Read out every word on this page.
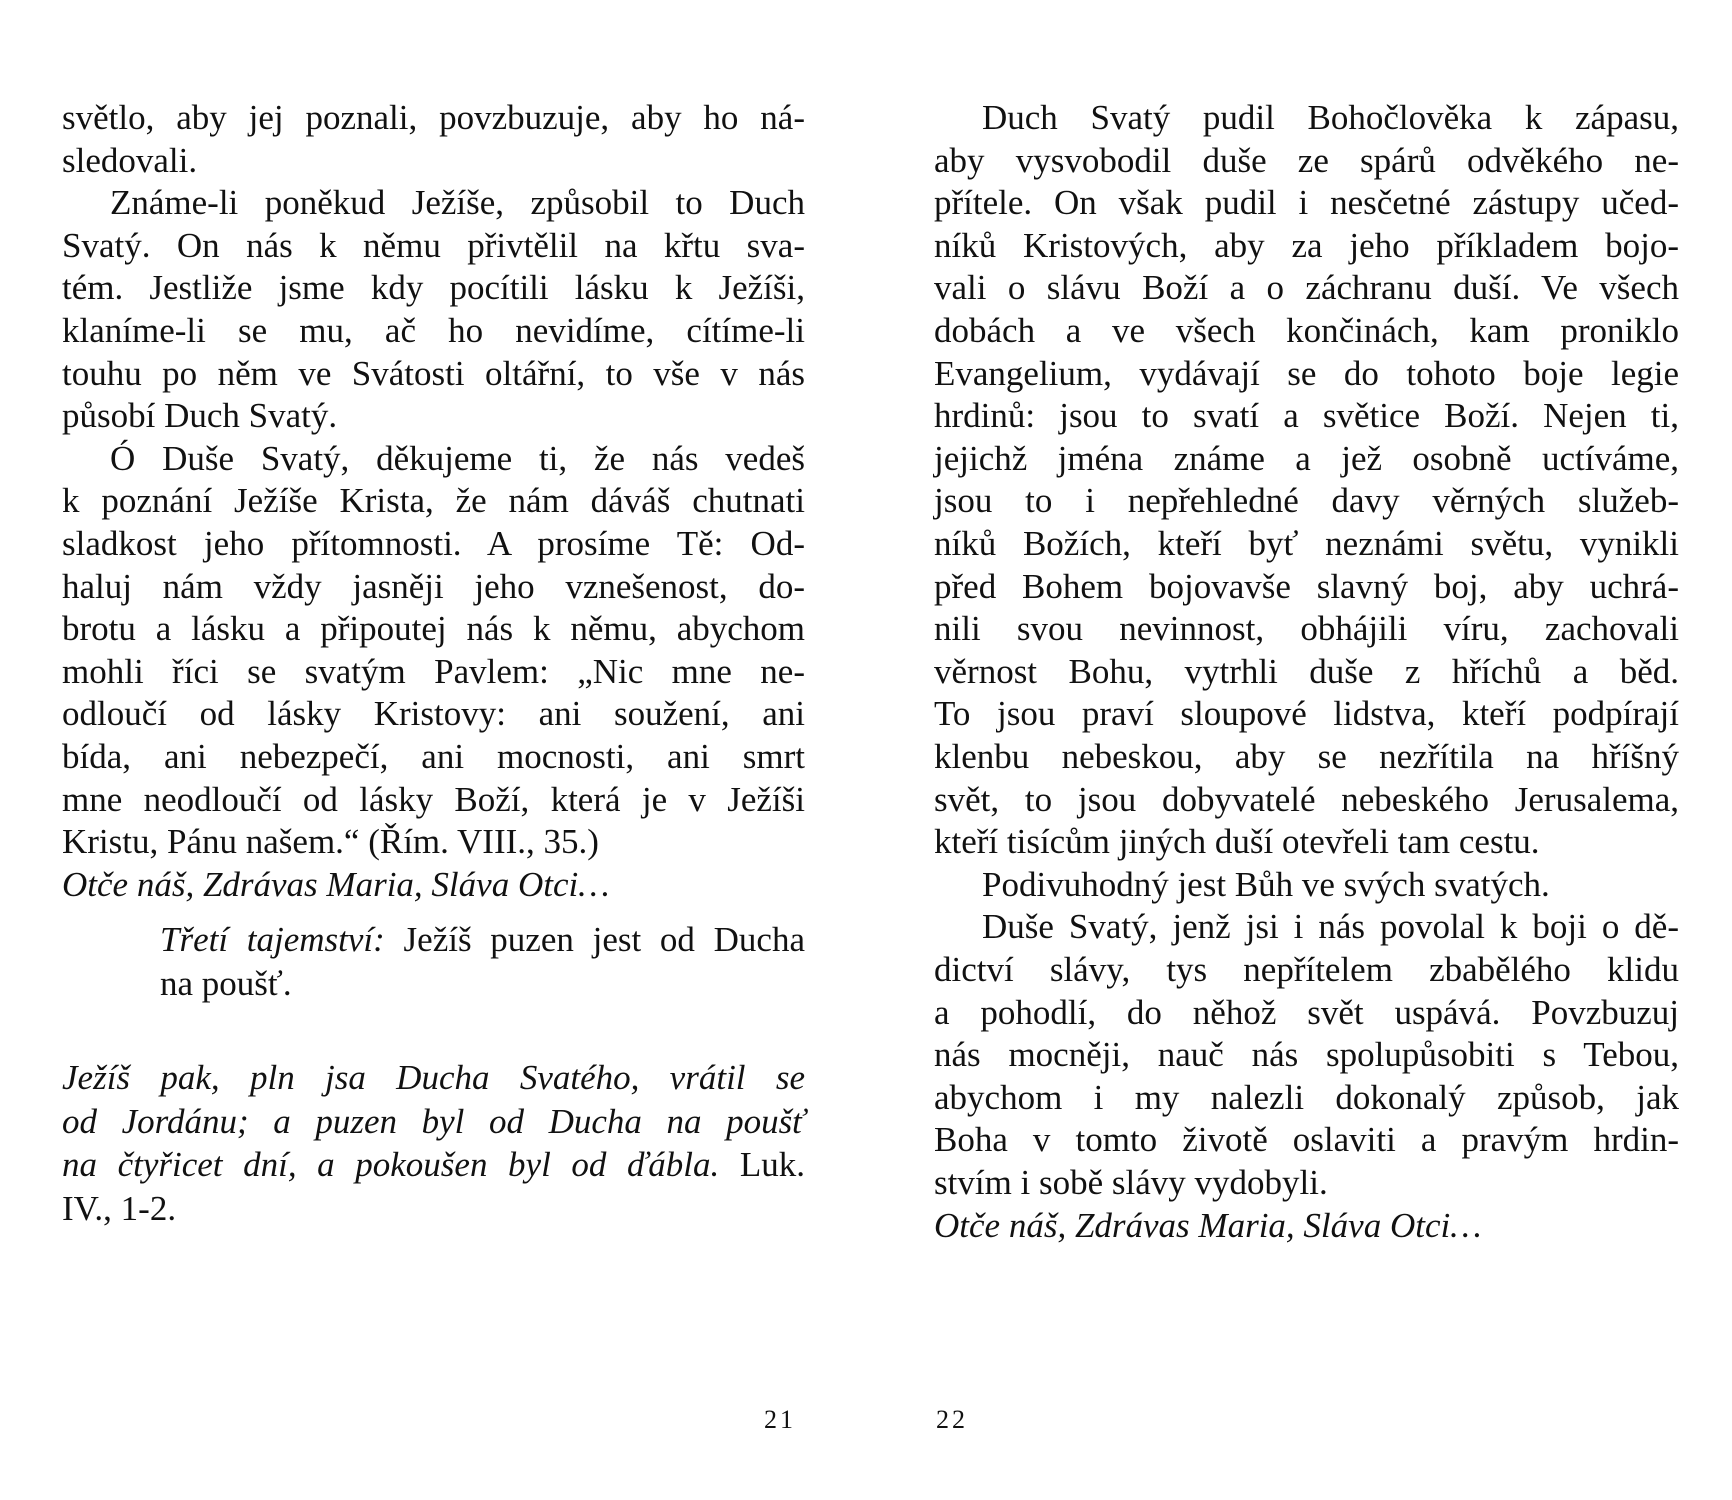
světlo, aby jej poznali, povzbuzuje, aby ho ná-
sledovali.
Známe-li poněkud Ježíše, způsobil to Duch
Svatý. On nás k němu přivtělil na křtu sva-
tém. Jestliže jsme kdy pocítili lásku k Ježíši,
klaníme-li se mu, ač ho nevidíme, cítíme-li
touhu po něm ve Svátosti oltářní, to vše v nás
působí Duch Svatý.
Ó Duše Svatý, děkujeme ti, že nás vedeš
k poznání Ježíše Krista, že nám dáváš chutnati
sladkost jeho přítomnosti. A prosíme Tě: Od-
haluj nám vždy jasněji jeho vznešenost, do-
brotu a lásku a připoutej nás k němu, abychom
mohli říci se svatým Pavlem: „Nic mne ne-
odloučí od lásky Kristovy: ani soužení, ani
bída, ani nebezpečí, ani mocnosti, ani smrt
mne neodloučí od lásky Boží, která je v Ježíši
Kristu, Pánu našem.“ (Řím. VIII., 35.)
Otče náš, Zdrávas Maria, Sláva Otci…
Třetí tajemství: Ježíš puzen jest od Ducha
na poušť.
Ježíš pak, pln jsa Ducha Svatého, vrátil se
od Jordánu; a puzen byl od Ducha na poušť
na čtyřicet dní, a pokoušen byl od ďábla. Luk.
IV., 1-2.
21
Duch Svatý pudil Bohočlověka k zápasu,
aby vysvobodil duše ze spárů odvěkého ne-
přítele. On však pudil i nesčetné zástupy učed-
níků Kristových, aby za jeho příkladem bojo-
vali o slávu Boží a o záchranu duší. Ve všech
dobách a ve všech končinách, kam proniklo
Evangelium, vydávají se do tohoto boje legie
hrdinů: jsou to svatí a světice Boží. Nejen ti,
jejichž jména známe a jež osobně uctíváme,
jsou to i nepřehledné davy věrných služeb-
níků Božích, kteří byť neznámi světu, vynikli
před Bohem bojovavše slavný boj, aby uchrá-
nili svou nevinnost, obhájili víru, zachovali
věrnost Bohu, vytrhli duše z hříchů a běd.
To jsou praví sloupové lidstva, kteří podpírají
klenbu nebeskou, aby se nezřítila na hříšný
svět, to jsou dobyvatelé nebeského Jerusalema,
kteří tisícům jiných duší otevřeli tam cestu.
Podivuhodný jest Bůh ve svých svatých.
Duše Svatý, jenž jsi i nás povolal k boji o dě-
dictví slávy, tys nepřítelem zbabělého klidu
a pohodlí, do něhož svět uspává. Povzbuzuj
nás mocněji, nauč nás spolupůsobiti s Tebou,
abychom i my nalezli dokonalý způsob, jak
Boha v tomto životě oslaviti a pravým hrdin-
stvím i sobě slávy vydobyli.
Otče náš, Zdrávas Maria, Sláva Otci…
22
